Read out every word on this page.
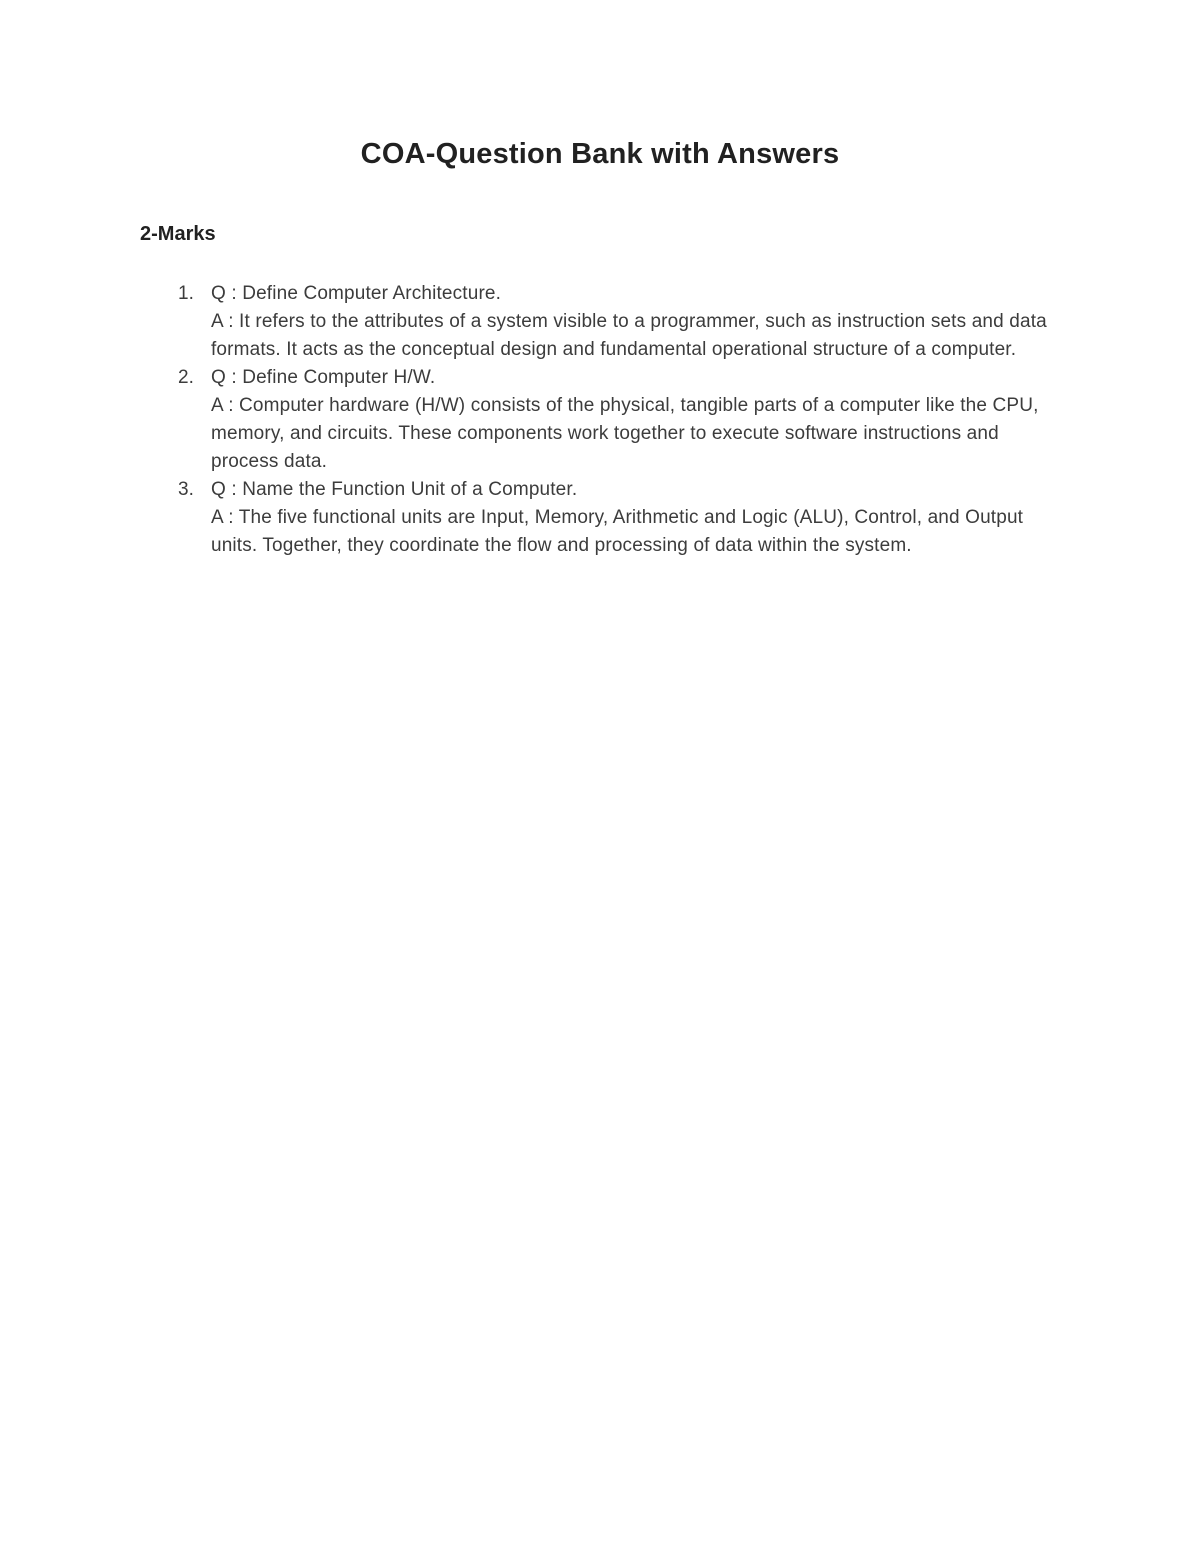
COA-Question Bank with Answers
2-Marks
1. Q : Define Computer Architecture.
A : It refers to the attributes of a system visible to a programmer, such as instruction sets and data formats. It acts as the conceptual design and fundamental operational structure of a computer.
2. Q : Define Computer H/W.
A : Computer hardware (H/W) consists of the physical, tangible parts of a computer like the CPU, memory, and circuits. These components work together to execute software instructions and process data.
3. Q : Name the Function Unit of a Computer.
A : The five functional units are Input, Memory, Arithmetic and Logic (ALU), Control, and Output units. Together, they coordinate the flow and processing of data within the system.
